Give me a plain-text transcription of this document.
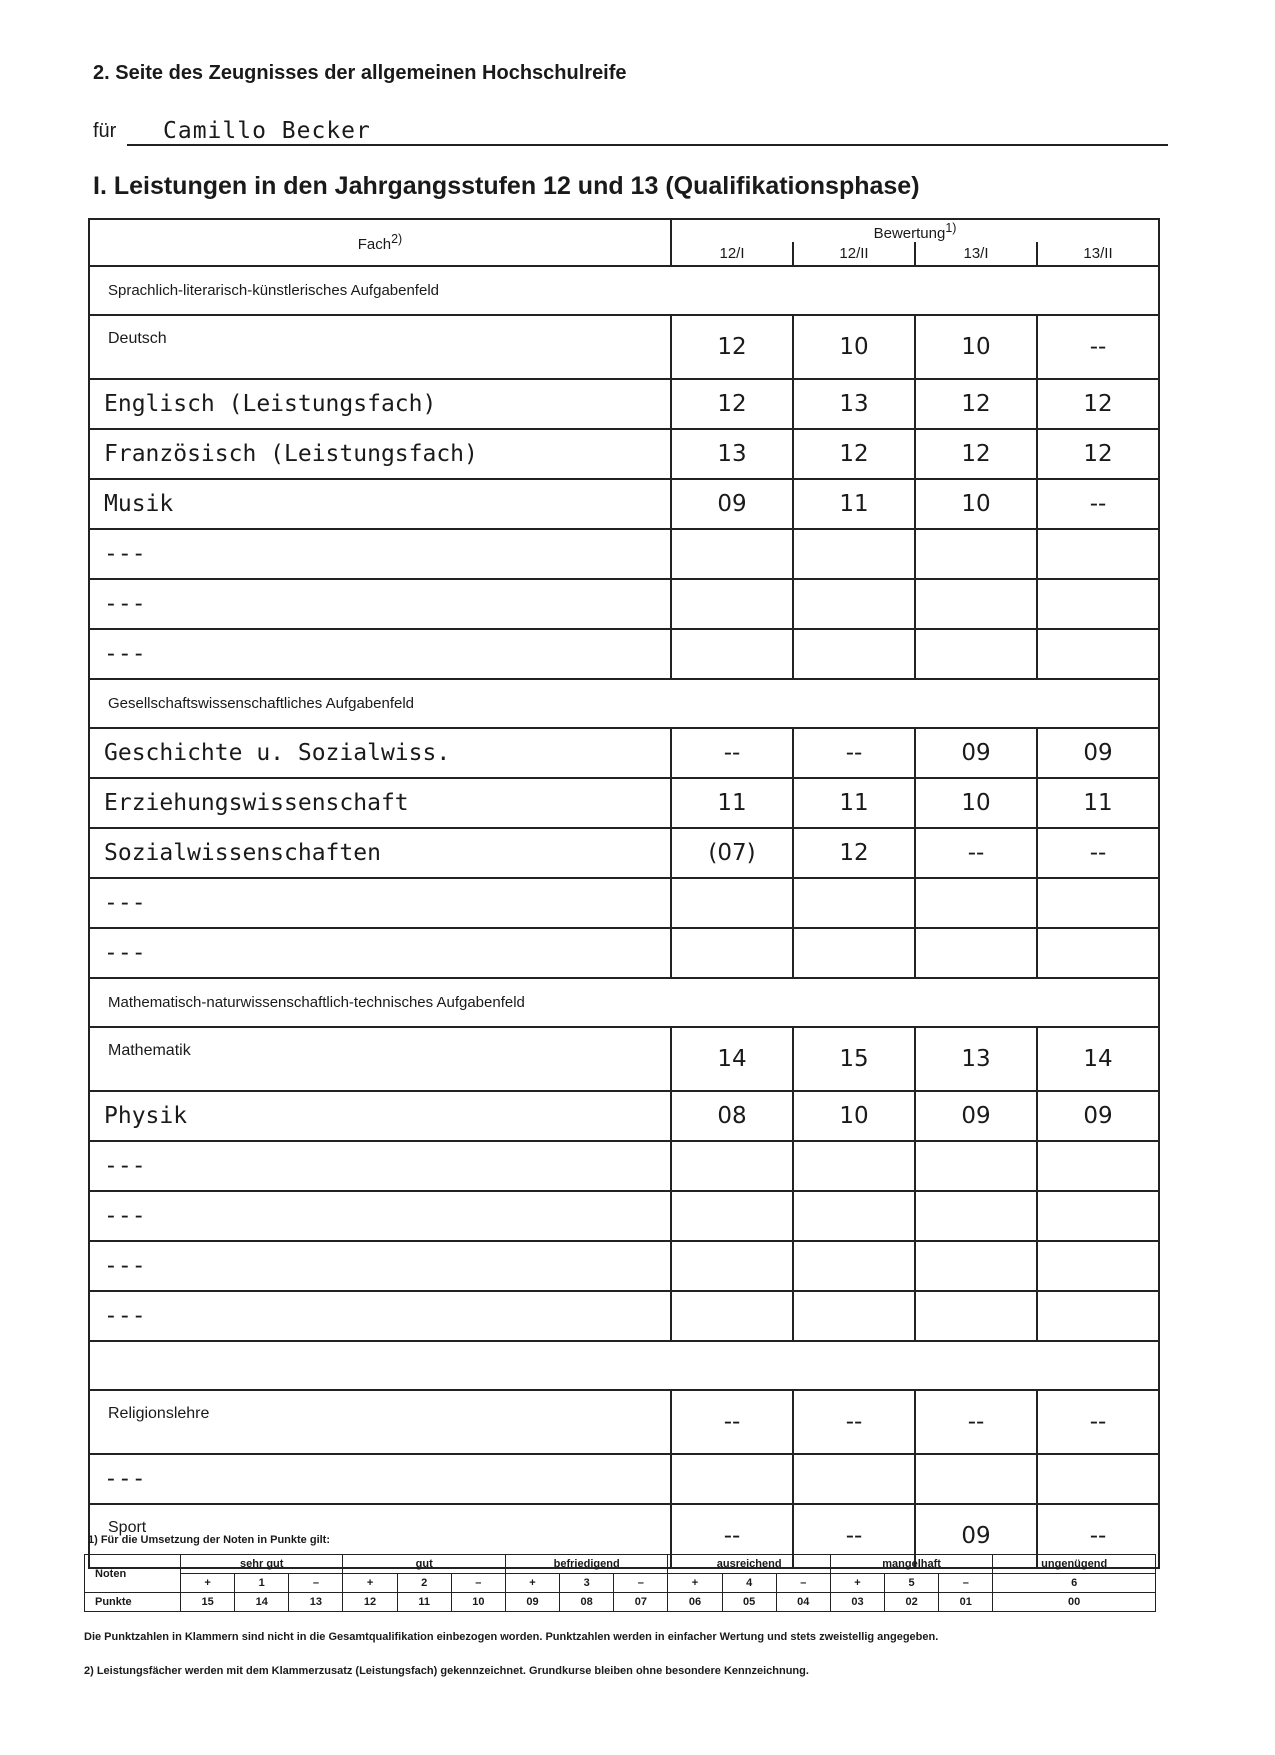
2. Seite des Zeugnisses der allgemeinen Hochschulreife
für Camillo Becker
I. Leistungen in den Jahrgangsstufen 12 und 13 (Qualifikationsphase)
Fach$^{2)}$	Bewertung$^{1)}$
	12/I	12/II	13/I	13/II
Sprachlich-literarisch-künstlerisches Aufgabenfeld				
Deutsch	12	10	10	--
Englisch (Leistungsfach)	12	13	12	12
Französisch (Leistungsfach)	13	12	12	12
Musik	09	11	10	--
---				
---				
---				
Gesellschaftswissenschaftliches Aufgabenfeld				
Geschichte u. Sozialwiss.	--	--	09	09
Erziehungswissenschaft	11	11	10	11
Sozialwissenschaften	(07)	12	--	--
---				
---				
Mathematisch-naturwissenschaftlich-technisches Aufgabenfeld				
Mathematik	14	15	13	14
Physik	08	10	09	09
---				
---				
---				
---				

Religionslehre	--	--	--	--
---				
Sport	--	--	09	--
1) Für die Umsetzung der Noten in Punkte gilt:
Noten	sehr gut			gut			befriedigend			ausreichend			mangelhaft			ungenügend
	+	1	–	+	2	–	+	3	–	+	4	–	+	5	–	6
Punkte	15	14	13	12	11	10	09	08	07	06	05	04	03	02	01	00
Die Punktzahlen in Klammern sind nicht in die Gesamtqualifikation einbezogen worden. Punktzahlen werden in einfacher Wertung und stets zweistellig angegeben.
2) Leistungsfächer werden mit dem Klammerzusatz (Leistungsfach) gekennzeichnet. Grundkurse bleiben ohne besondere Kennzeichnung.
